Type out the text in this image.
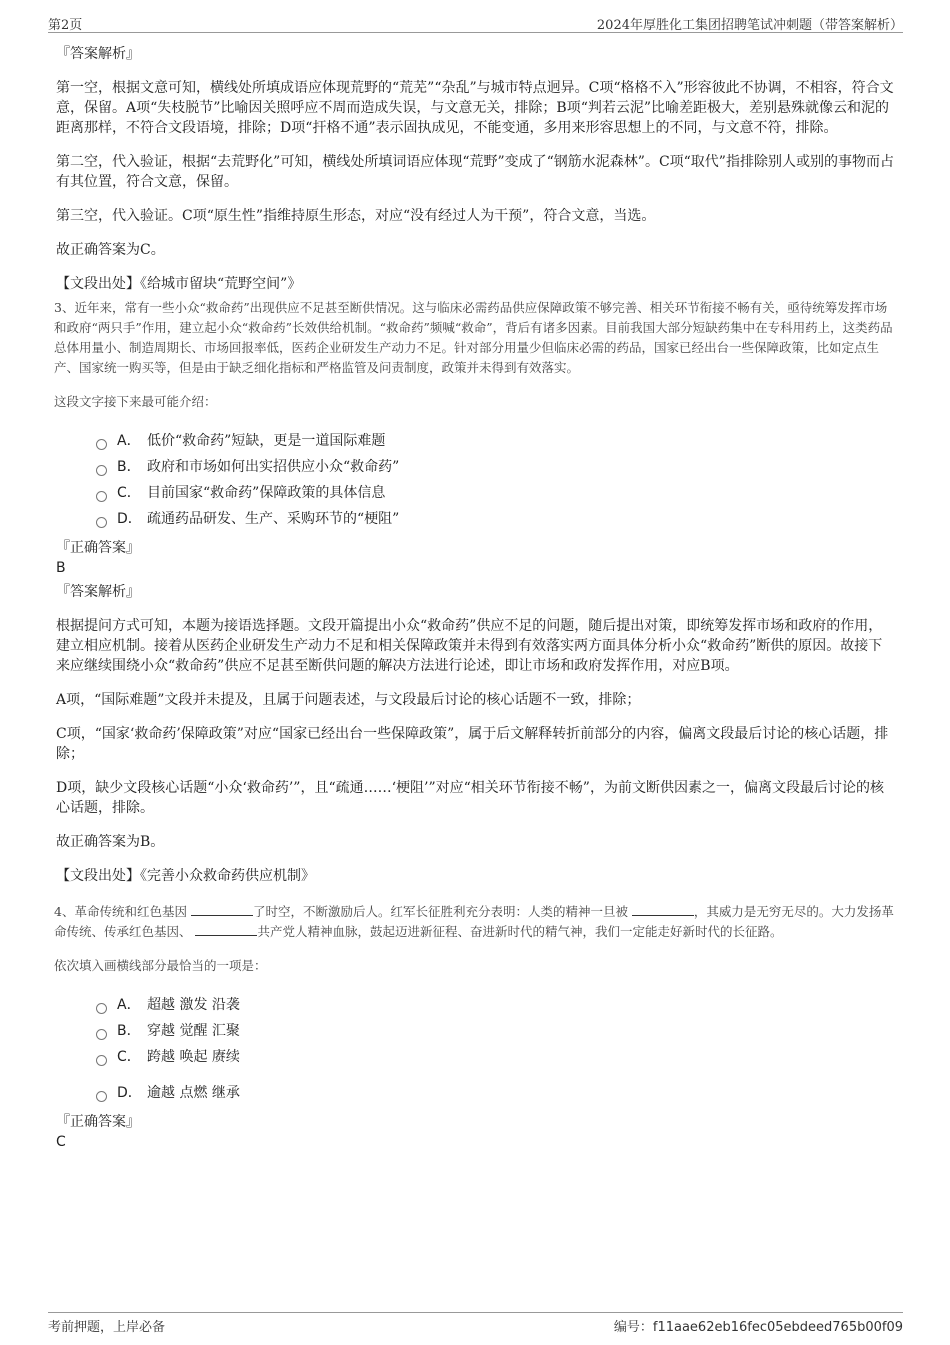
第2页	2024年厚胜化工集团招聘笔试冲刺题（带答案解析）

『答案解析』

第一空，根据文意可知，横线处所填成语应体现荒野的“荒芜”“杂乱”与城市特点迥异。C项“格格不入”形容彼此不协调，不相容，符合文意，保留。A项“失枝脱节”比喻因关照呼应不周而造成失误，与文意无关，排除；B项“判若云泥”比喻差距极大，差别悬殊就像云和泥的距离那样，不符合文段语境，排除；D项“扞格不通”表示固执成见，不能变通，多用来形容思想上的不同，与文意不符，排除。

第二空，代入验证，根据“去荒野化”可知，横线处所填词语应体现“荒野”变成了“钢筋水泥森林”。C项“取代”指排除别人或别的事物而占有其位置，符合文意，保留。

第三空，代入验证。C项“原生性”指维持原生形态，对应“没有经过人为干预”，符合文意，当选。

故正确答案为C。

【文段出处】《给城市留块“荒野空间”》

3、近年来，常有一些小众“救命药”出现供应不足甚至断供情况。这与临床必需药品供应保障政策不够完善、相关环节衔接不畅有关，亟待统筹发挥市场和政府“两只手”作用，建立起小众“救命药”长效供给机制。“救命药”频喊“救命”，背后有诸多因素。目前我国大部分短缺药集中在专科用药上，这类药品总体用量小、制造周期长、市场回报率低，医药企业研发生产动力不足。针对部分用量少但临床必需的药品，国家已经出台一些保障政策，比如定点生产、国家统一购买等，但是由于缺乏细化指标和严格监管及问责制度，政策并未得到有效落实。

这段文字接下来最可能介绍：

A． 低价“救命药”短缺，更是一道国际难题
B． 政府和市场如何出实招供应小众“救命药”
C． 目前国家“救命药”保障政策的具体信息
D． 疏通药品研发、生产、采购环节的“梗阻”

『正确答案』

B

『答案解析』

根据提问方式可知，本题为接语选择题。文段开篇提出小众“救命药”供应不足的问题，随后提出对策，即统筹发挥市场和政府的作用，建立相应机制。接着从医药企业研发生产动力不足和相关保障政策并未得到有效落实两方面具体分析小众“救命药”断供的原因。故接下来应继续围绕小众“救命药”供应不足甚至断供问题的解决方法进行论述，即让市场和政府发挥作用，对应B项。

A项，“国际难题”文段并未提及，且属于问题表述，与文段最后讨论的核心话题不一致，排除；

C项，“国家‘救命药’保障政策”对应“国家已经出台一些保障政策”，属于后文解释转折前部分的内容，偏离文段最后讨论的核心话题，排除；

D项，缺少文段核心话题“小众‘救命药’”，且“疏通……‘梗阻’”对应“相关环节衔接不畅”，为前文断供因素之一，偏离文段最后讨论的核心话题，排除。

故正确答案为B。

【文段出处】《完善小众救命药供应机制》

4、革命传统和红色基因	了时空，不断激励后人。红军长征胜利充分表明：人类的精神一旦被	，其威力是无穷无尽的。大力发扬革命传统、传承红色基因、	共产党人精神血脉，鼓起迈进新征程、奋进新时代的精气神，我们一定能走好新时代的长征路。

依次填入画横线部分最恰当的一项是：

A． 超越 激发 沿袭
B． 穿越 觉醒 汇聚
C． 跨越 唤起 赓续
D． 逾越 点燃 继承

『正确答案』

C

考前押题，上岸必备	编号：f11aae62eb16fec05ebdeed765b00f09
